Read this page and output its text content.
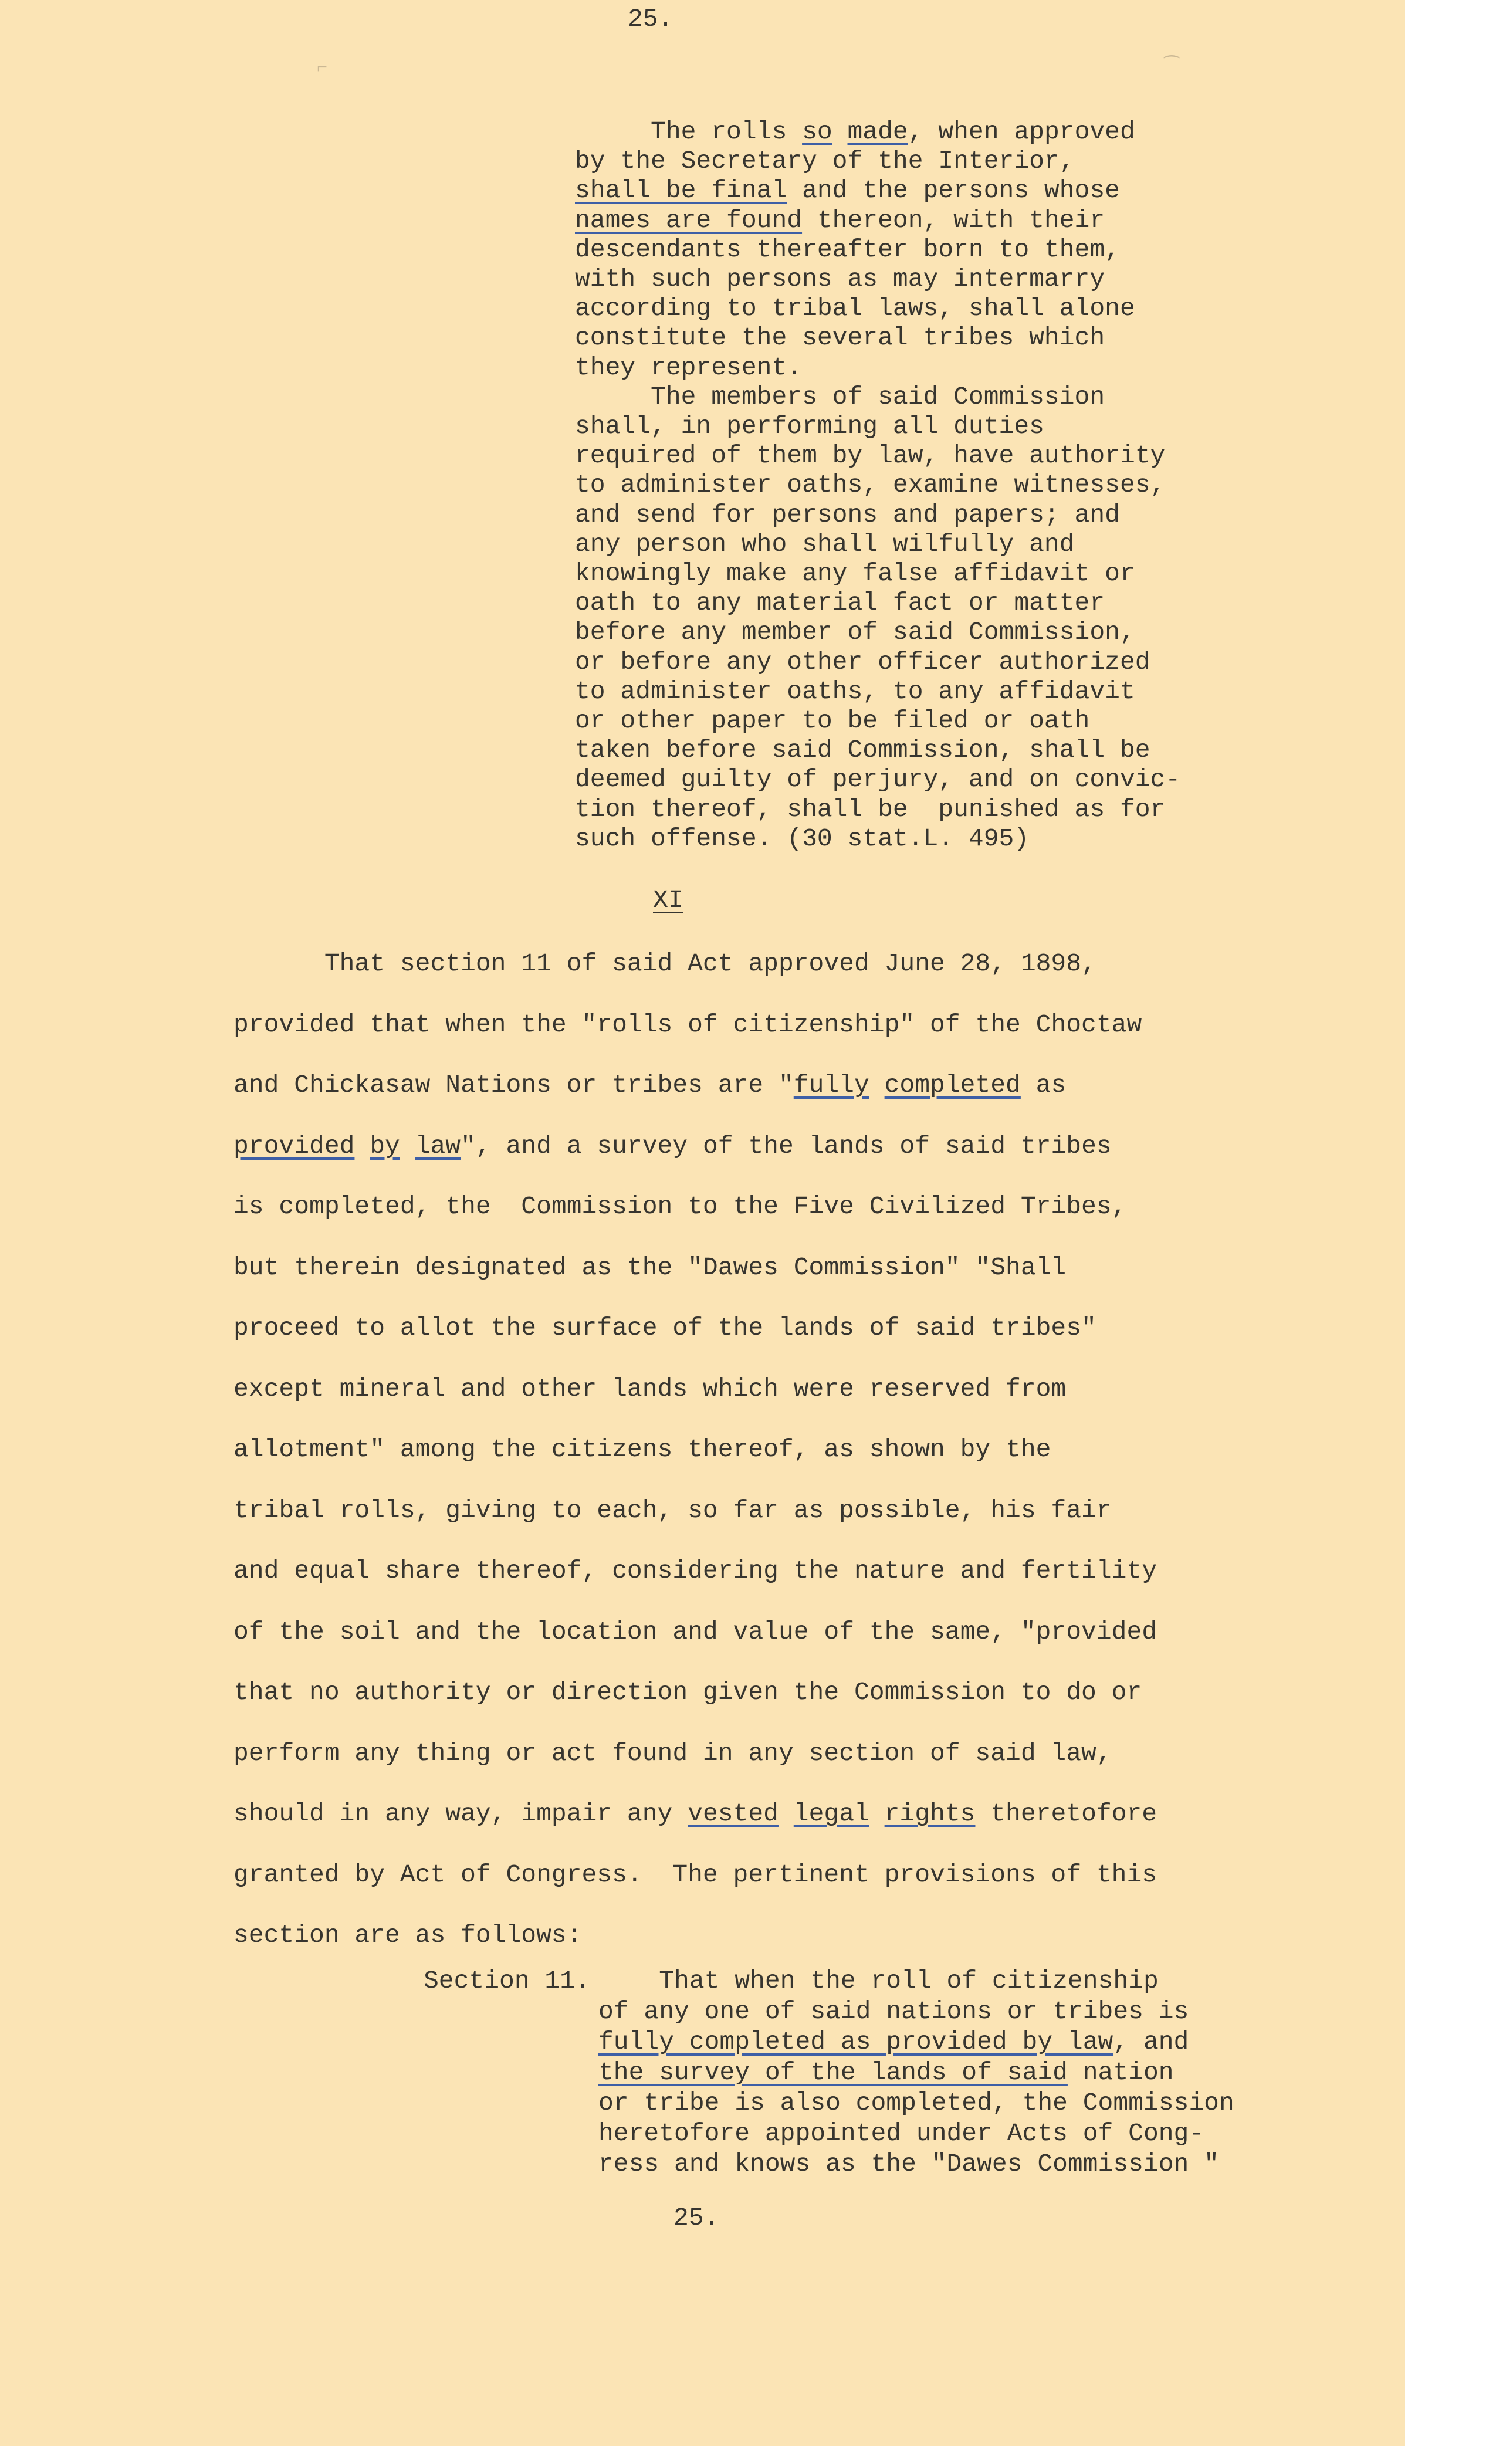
⌐	⁀
25.
The rolls so made, when approved
by the Secretary of the Interior,
shall be final and the persons whose
names are found thereon, with their
descendants thereafter born to them,
with such persons as may intermarry
according to tribal laws, shall alone
constitute the several tribes which
they represent.
The members of said Commission
shall, in performing all duties
required of them by law, have authority
to administer oaths, examine witnesses,
and send for persons and papers; and
any person who shall wilfully and
knowingly make any false affidavit or
oath to any material fact or matter
before any member of said Commission,
or before any other officer authorized
to administer oaths, to any affidavit
or other paper to be filed or oath
taken before said Commission, shall be
deemed guilty of perjury, and on convic-
tion thereof, shall be  punished as for
such offense. (30 stat.L. 495)
XI
That section 11 of said Act approved June 28, 1898,
provided that when the "rolls of citizenship" of the Choctaw
and Chickasaw Nations or tribes are "fully completed as
provided by law", and a survey of the lands of said tribes
is completed, the  Commission to the Five Civilized Tribes,
but therein designated as the "Dawes Commission" "Shall
proceed to allot the surface of the lands of said tribes"
except mineral and other lands which were reserved from
allotment" among the citizens thereof, as shown by the
tribal rolls, giving to each, so far as possible, his fair
and equal share thereof, considering the nature and fertility
of the soil and the location and value of the same, "provided
that no authority or direction given the Commission to do or
perform any thing or act found in any section of said law,
should in any way, impair any vested legal rights theretofore
granted by Act of Congress.  The pertinent provisions of this
section are as follows:
Section 11. That when the roll of citizenship
of any one of said nations or tribes is
fully completed as provided by law, and
the survey of the lands of said nation
or tribe is also completed, the Commission
heretofore appointed under Acts of Cong-
ress and knows as the "Dawes Commission "
25.
